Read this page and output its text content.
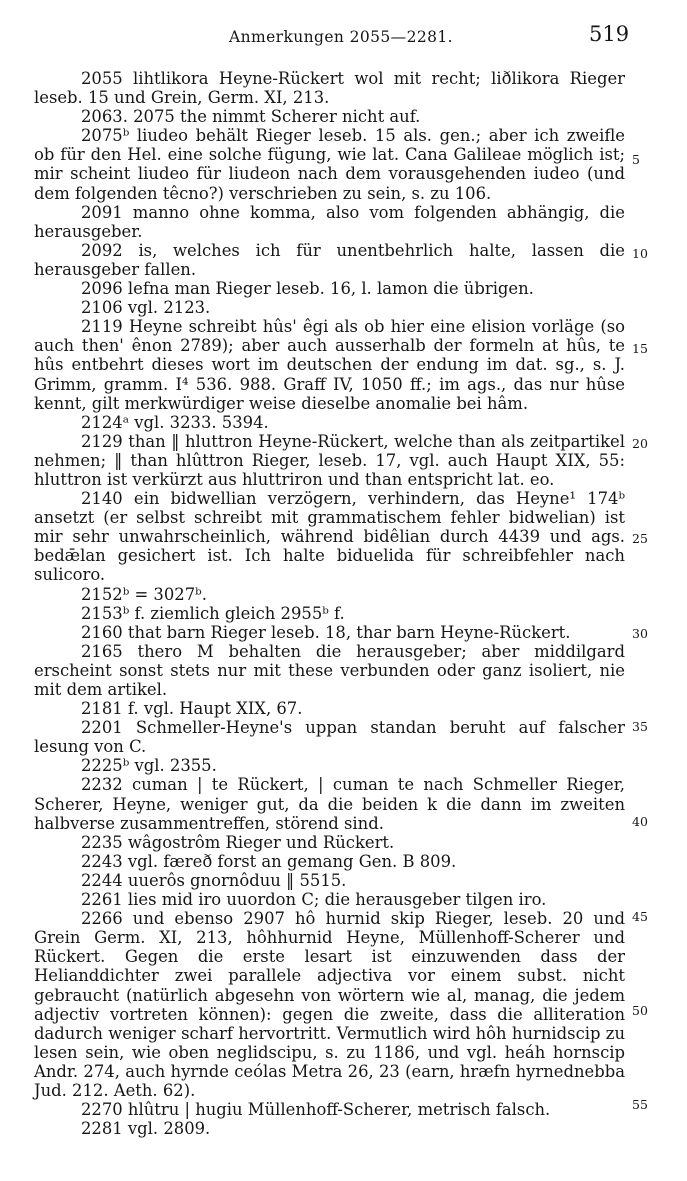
Anmerkungen 2055—2281.	519

2055 lihtlikora Heyne-Rückert wol mit recht; liðlikora Rieger leseb. 15 und Grein, Germ. XI, 213.

2063. 2075 the nimmt Scherer nicht auf.

2075ᵇ liudeo behält Rieger leseb. 15 als. gen.; aber ich zweifle ob für den Hel. eine solche fügung, wie lat. Cana Galileae möglich ist; mir scheint liudeo für liudeon nach dem vorausgehenden iudeo (und dem folgenden têcno?) verschrieben zu sein, s. zu 106.

2091 manno ohne komma, also vom folgenden abhängig, die herausgeber.

2092 is, welches ich für unentbehrlich halte, lassen die herausgeber fallen.

2096 lefna man Rieger leseb. 16, l. lamon die übrigen.

2106 vgl. 2123.

2119 Heyne schreibt hûs' êgi als ob hier eine elision vorläge (so auch then' ênon 2789); aber auch ausserhalb der formeln at hûs, te hûs entbehrt dieses wort im deutschen der endung im dat. sg., s. J. Grimm, gramm. I⁴ 536. 988. Graff IV, 1050 ff.; im ags., das nur hûse kennt, gilt merkwürdiger weise dieselbe anomalie bei hâm.

2124ᵃ vgl. 3233. 5394.

2129 than ‖ hluttron Heyne-Rückert, welche than als zeitpartikel nehmen; ‖ than hlûttron Rieger, leseb. 17, vgl. auch Haupt XIX, 55: hluttron ist verkürzt aus hluttriron und than entspricht lat. eo.

2140 ein bidwellian verzögern, verhindern, das Heyne¹ 174ᵇ ansetzt (er selbst schreibt mit grammatischem fehler bidwelian) ist mir sehr unwahrscheinlich, während bidêlian durch 4439 und ags. bedǣlan gesichert ist. Ich halte biduelida für schreibfehler nach sulicoro.

2152ᵇ = 3027ᵇ.

2153ᵇ f. ziemlich gleich 2955ᵇ f.

2160 that barn Rieger leseb. 18, thar barn Heyne-Rückert.

2165 thero M behalten die herausgeber; aber middilgard erscheint sonst stets nur mit these verbunden oder ganz isoliert, nie mit dem artikel.

2181 f. vgl. Haupt XIX, 67.

2201 Schmeller-Heyne's uppan standan beruht auf falscher lesung von C.

2225ᵇ vgl. 2355.

2232 cuman | te Rückert, | cuman te nach Schmeller Rieger, Scherer, Heyne, weniger gut, da die beiden k die dann im zweiten halbverse zusammentreffen, störend sind.

2235 wâgostrôm Rieger und Rückert.

2243 vgl. færeð forst an gemang Gen. B 809.

2244 uuerôs gnornôduu ‖ 5515.

2261 lies mid iro uuordon C; die herausgeber tilgen iro.

2266 und ebenso 2907 hô hurnid skip Rieger, leseb. 20 und Grein Germ. XI, 213, hôhhurnid Heyne, Müllenhoff-Scherer und Rückert. Gegen die erste lesart ist einzuwenden dass der Helianddichter zwei parallele adjectiva vor einem subst. nicht gebraucht (natürlich abgesehn von wörtern wie al, manag, die jedem adjectiv vortreten können): gegen die zweite, dass die alliteration dadurch weniger scharf hervortritt. Vermutlich wird hôh hurnidscip zu lesen sein, wie oben neglidscipu, s. zu 1186, und vgl. heáh hornscip Andr. 274, auch hyrnde ceólas Metra 26, 23 (earn, hræfn hyrnednebba Jud. 212. Aeth. 62).

2270 hlûtru | hugiu Müllenhoff-Scherer, metrisch falsch.

2281 vgl. 2809.

5
10
15
20
25
30
35
40
45
50
55
